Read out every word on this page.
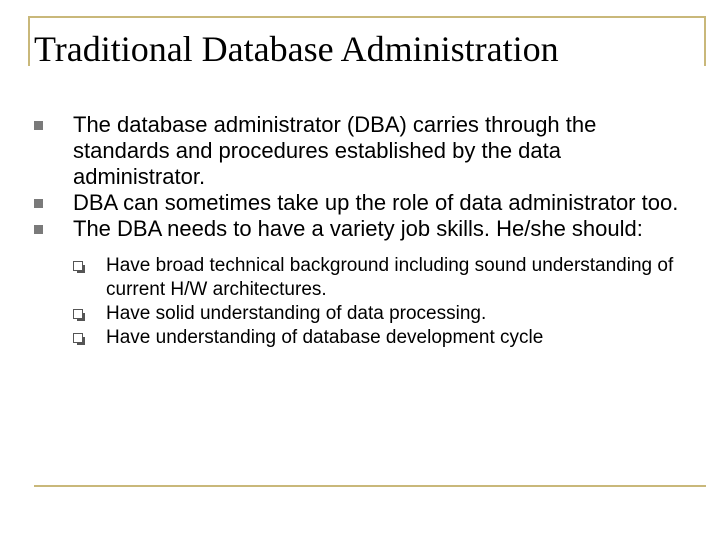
Traditional Database Administration
The database administrator (DBA) carries through the standards and procedures established by the data administrator.
DBA can sometimes take up the role of data administrator too.
The DBA needs to have a variety job skills. He/she should:
Have broad technical background including sound understanding of current H/W architectures.
Have solid understanding of data processing.
Have understanding of database development cycle
